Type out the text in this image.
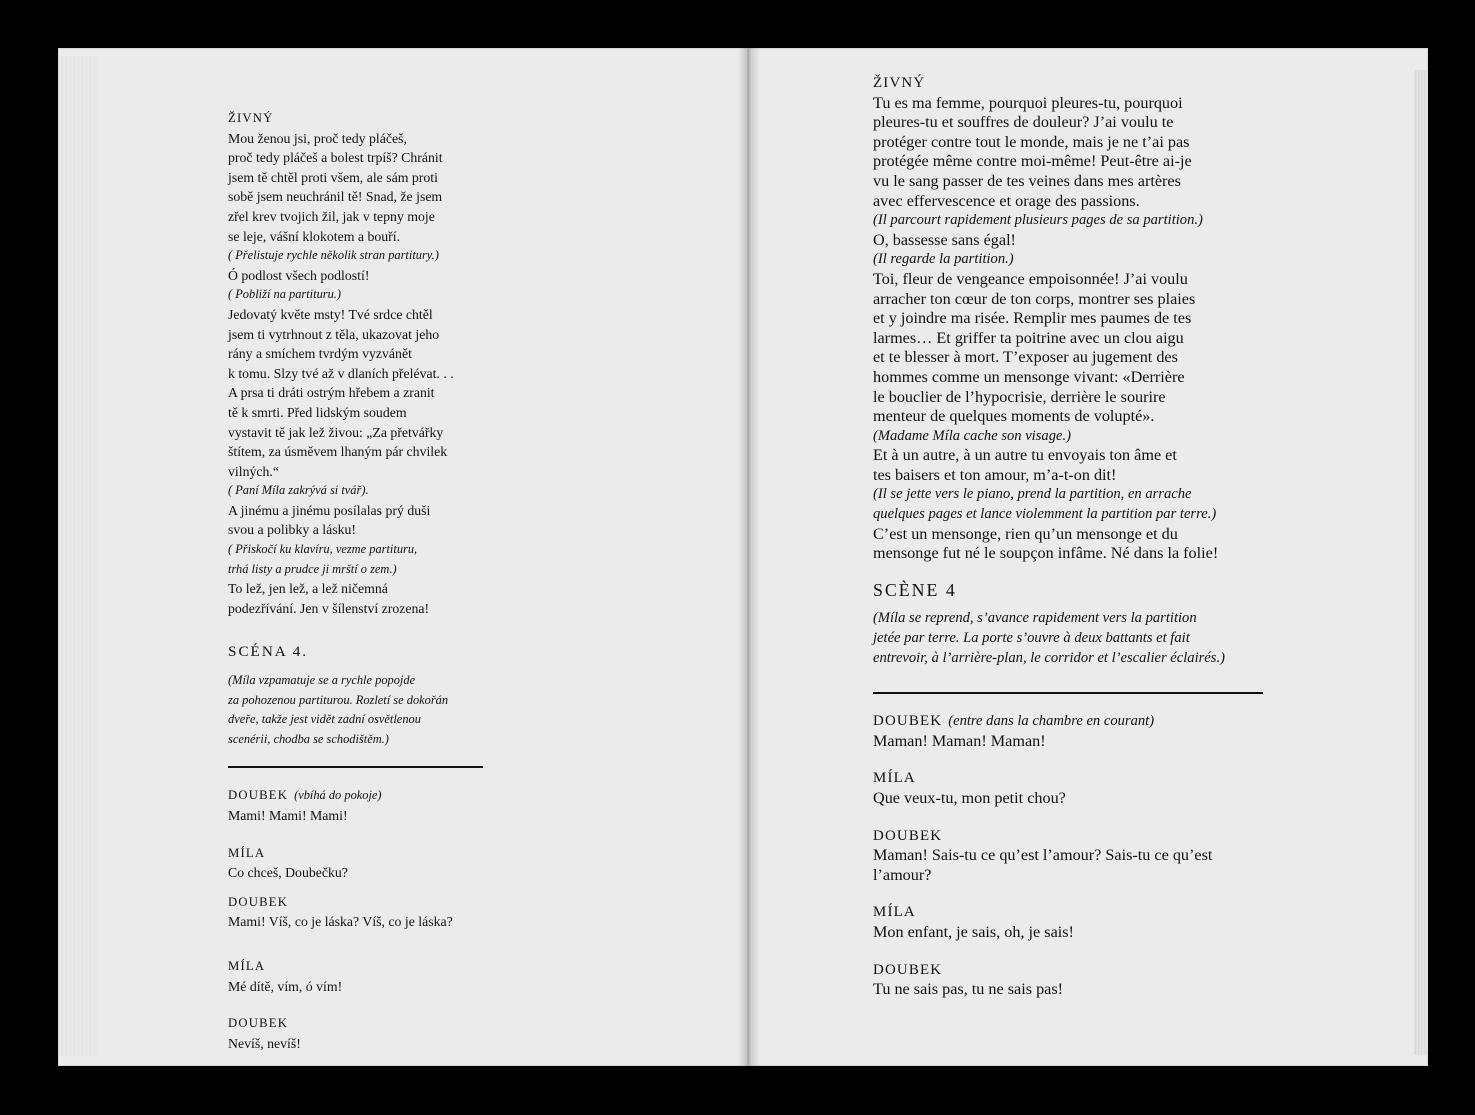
ŽIVNÝ
Mou ženou jsi, proč tedy pláčeš,
proč tedy pláčeš a bolest trpíš? Chránit
jsem tě chtěl proti všem, ale sám proti
sobě jsem neuchránil tě! Snad, že jsem
zřel krev tvojich žil, jak v tepny moje
se leje, vášní klokotem a bouří.
( Přelistuje rychle několik stran partitury.)
Ó podlost všech podlostí!
( Pobliží na partituru.)
Jedovatý květe msty! Tvé srdce chtěl
jsem ti vytrhnout z těla, ukazovat jeho
rány a smíchem tvrdým vyzvánět
k tomu. Slzy tvé až v dlaních přelévat. . .
A prsa ti dráti ostrým hřebem a zranit
tě k smrti. Před lidským soudem
vystavit tě jak lež živou: „Za přetvářky
štítem, za úsměvem lhaným pár chvilek
vilných.“
( Paní Míla zakrývá si tvář).
A jinému a jinému posílalas prý duši
svou a polibky a lásku!
( Přiskočí ku klavíru, vezme partituru,
trhá listy a prudce ji mrští o zem.)
To lež, jen lež, a lež ničemná
podezřívání. Jen v šílenství zrozena!
SCÉNA 4.
(Míla vzpamatuje se a rychle popojde
za pohozenou partiturou. Rozletí se dokořán
dveře, takže jest vidět zadní osvětlenou
scenérii, chodba se schodištěm.)
DOUBEK (vbíhá do pokoje)
Mami! Mami! Mami!
MÍLA
Co chceš, Doubečku?
DOUBEK
Mami! Víš, co je láska? Víš, co je láska?
MÍLA
Mé dítě, vím, ó vím!
DOUBEK
Nevíš, nevíš!
ŽIVNÝ
Tu es ma femme, pourquoi pleures-tu, pourquoi
pleures-tu et souffres de douleur? J’ai voulu te
protéger contre tout le monde, mais je ne t’ai pas
protégée même contre moi-même! Peut-être ai-je
vu le sang passer de tes veines dans mes artères
avec effervescence et orage des passions.
(Il parcourt rapidement plusieurs pages de sa partition.)
O, bassesse sans égal!
(Il regarde la partition.)
Toi, fleur de vengeance empoisonnée! J’ai voulu
arracher ton cœur de ton corps, montrer ses plaies
et y joindre ma risée. Remplir mes paumes de tes
larmes… Et griffer ta poitrine avec un clou aigu
et te blesser à mort. T’exposer au jugement des
hommes comme un mensonge vivant: «Derrière
le bouclier de l’hypocrisie, derrière le sourire
menteur de quelques moments de volupté».
(Madame Míla cache son visage.)
Et à un autre, à un autre tu envoyais ton âme et
tes baisers et ton amour, m’a-t-on dit!
(Il se jette vers le piano, prend la partition, en arrache
quelques pages et lance violemment la partition par terre.)
C’est un mensonge, rien qu’un mensonge et du
mensonge fut né le soupçon infâme. Né dans la folie!
SCÈNE 4
(Míla se reprend, s’avance rapidement vers la partition
jetée par terre. La porte s’ouvre à deux battants et fait
entrevoir, à l’arrière-plan, le corridor et l’escalier éclairés.)
DOUBEK (entre dans la chambre en courant)
Maman! Maman! Maman!
MÍLA
Que veux-tu, mon petit chou?
DOUBEK
Maman! Sais-tu ce qu’est l’amour? Sais-tu ce qu’est
l’amour?
MÍLA
Mon enfant, je sais, oh, je sais!
DOUBEK
Tu ne sais pas, tu ne sais pas!
